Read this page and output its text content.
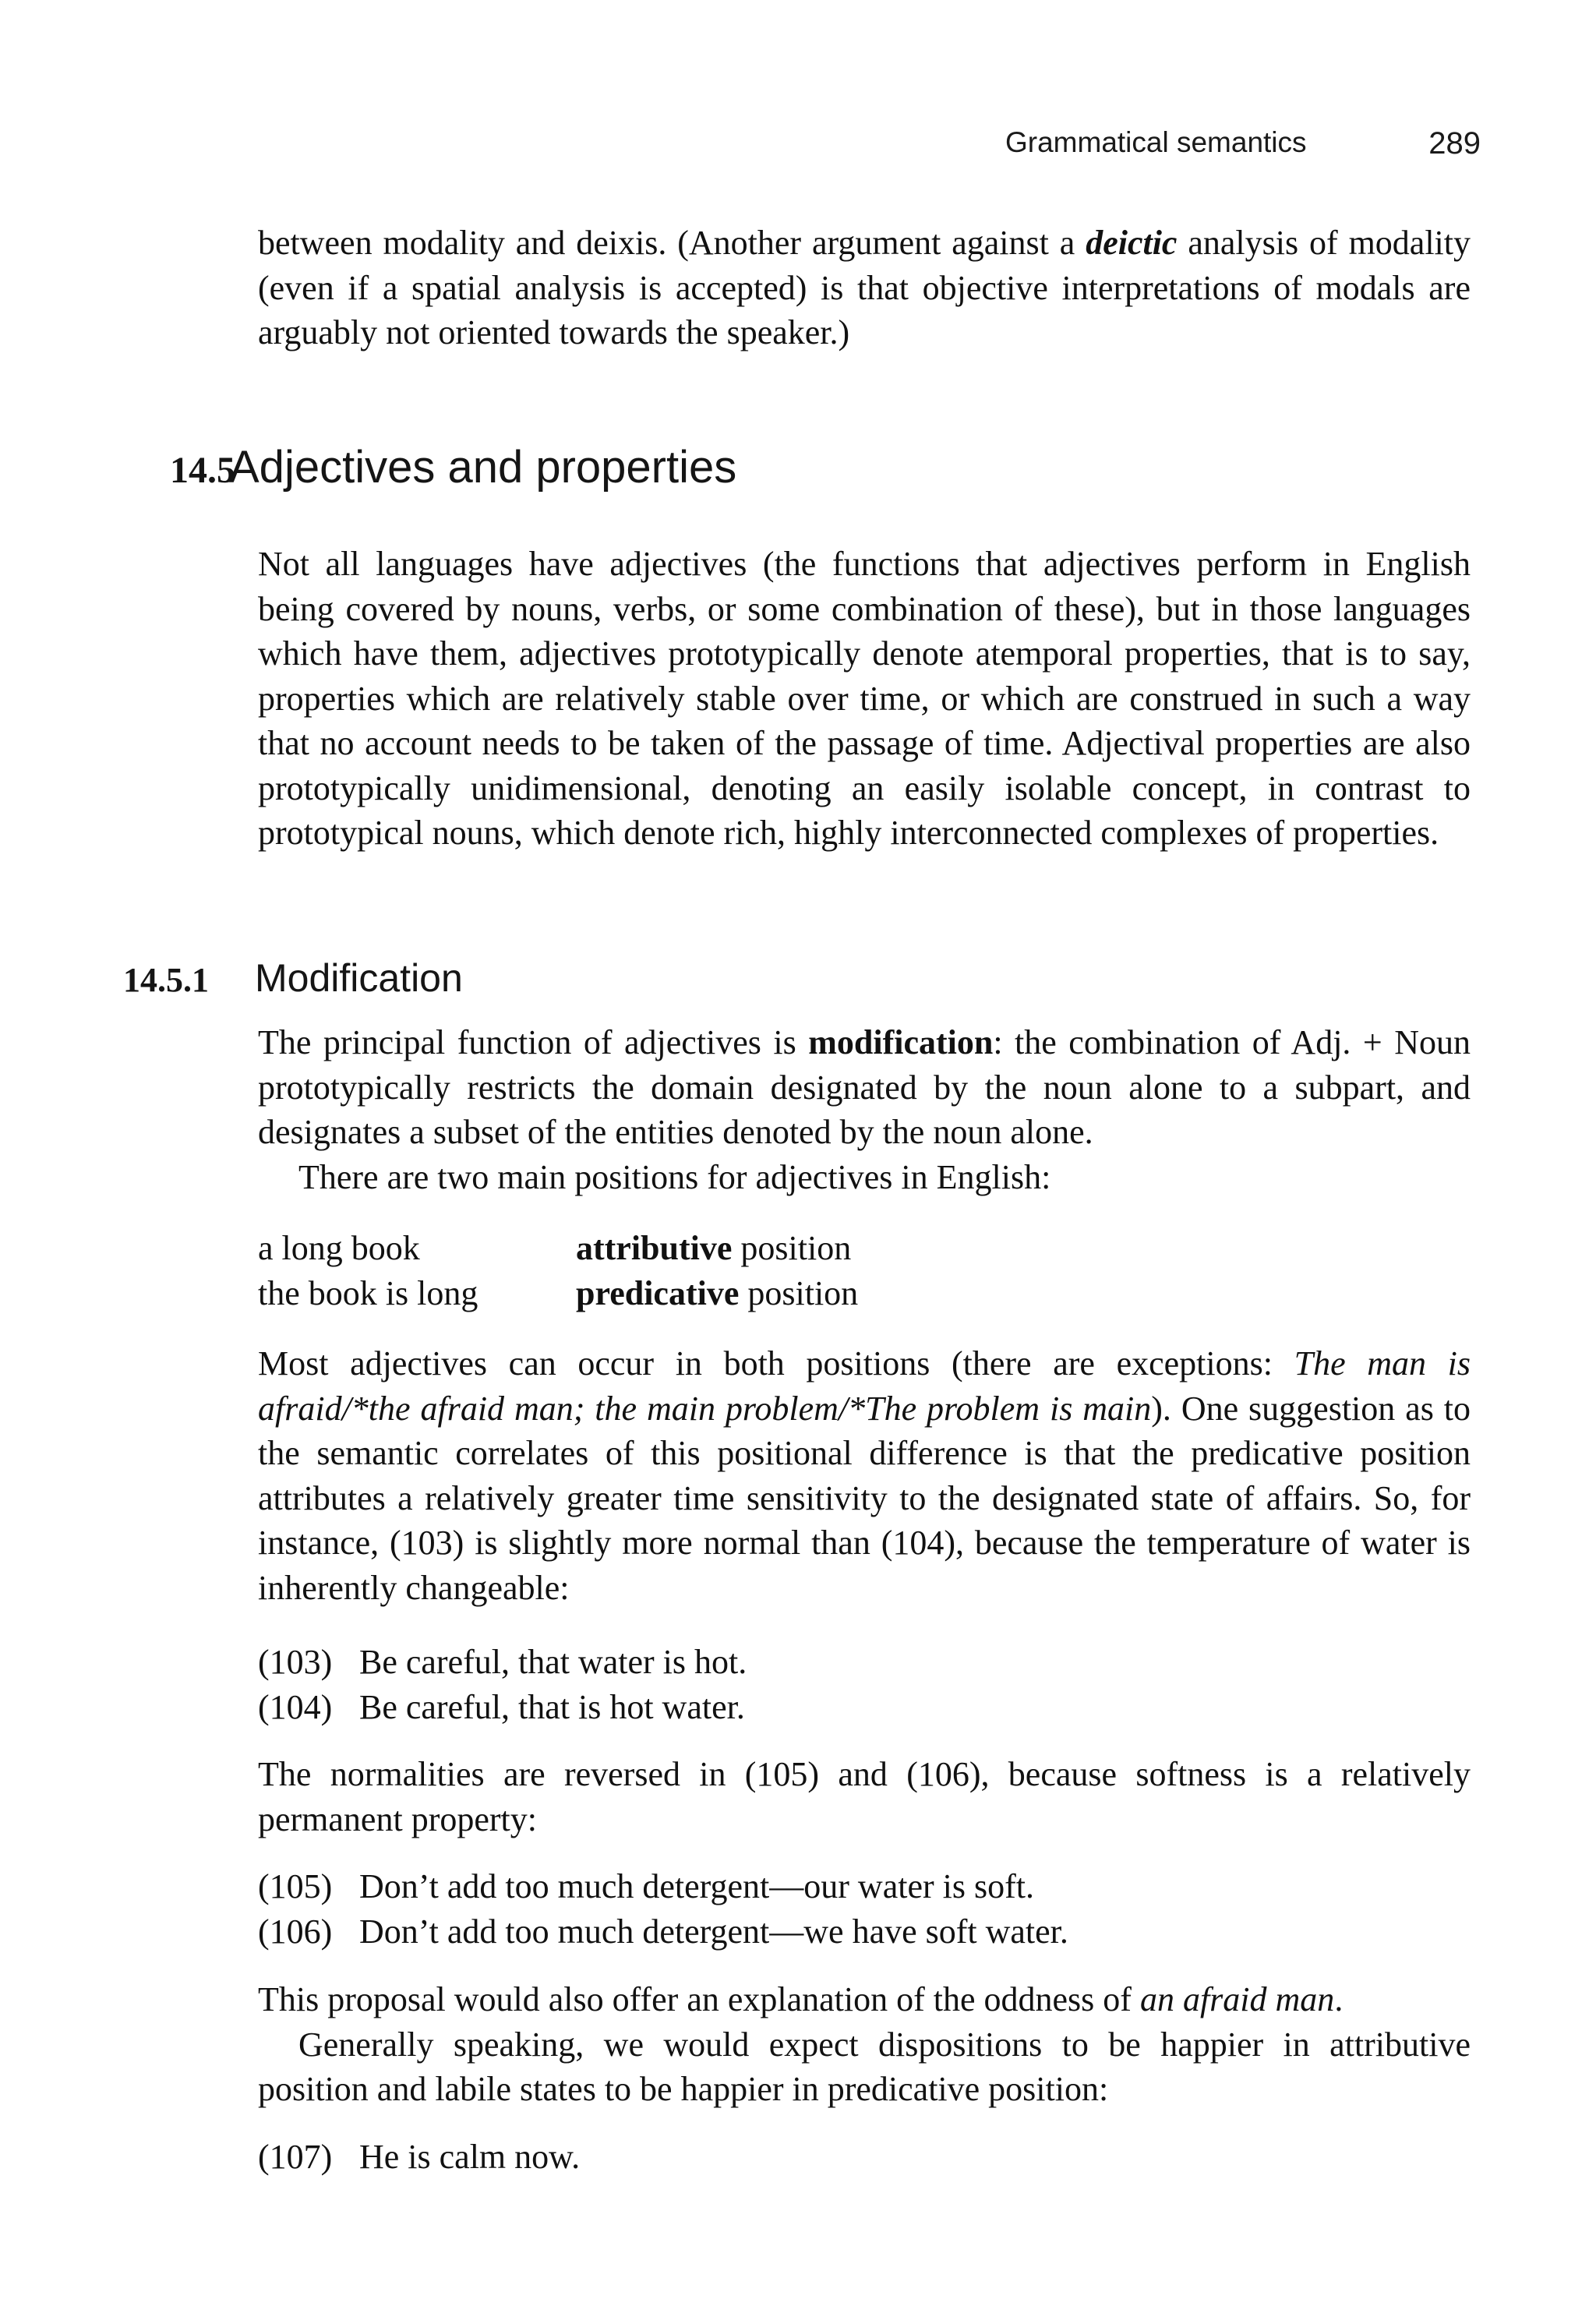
Grammatical semantics	289

between modality and deixis. (Another argument against a deictic analysis of modality (even if a spatial analysis is accepted) is that objective interpretations of modals are arguably not oriented towards the speaker.)

14.5
Adjectives and properties

Not all languages have adjectives (the functions that adjectives perform in English being covered by nouns, verbs, or some combination of these), but in those languages which have them, adjectives prototypically denote atemporal properties, that is to say, properties which are relatively stable over time, or which are construed in such a way that no account needs to be taken of the passage of time. Adjectival properties are also prototypically unidimensional, denoting an easily isolable concept, in contrast to prototypical nouns, which denote rich, highly interconnected complexes of properties.

14.5.1 Modification

The principal function of adjectives is modification: the combination of Adj. + Noun prototypically restricts the domain designated by the noun alone to a subpart, and designates a subset of the entities denoted by the noun alone.

There are two main positions for adjectives in English:

a long book	attributive position
the book is long	predicative position

Most adjectives can occur in both positions (there are exceptions: The man is afraid/*the afraid man; the main problem/*The problem is main). One suggestion as to the semantic correlates of this positional difference is that the predicative position attributes a relatively greater time sensitivity to the designated state of affairs. So, for instance, (103) is slightly more normal than (104), because the temperature of water is inherently changeable:

(103) Be careful, that water is hot.
(104) Be careful, that is hot water.

The normalities are reversed in (105) and (106), because softness is a relatively permanent property:

(105) Don’t add too much detergent—our water is soft.
(106) Don’t add too much detergent—we have soft water.

This proposal would also offer an explanation of the oddness of an afraid man.

Generally speaking, we would expect dispositions to be happier in attributive position and labile states to be happier in predicative position:

(107) He is calm now.
